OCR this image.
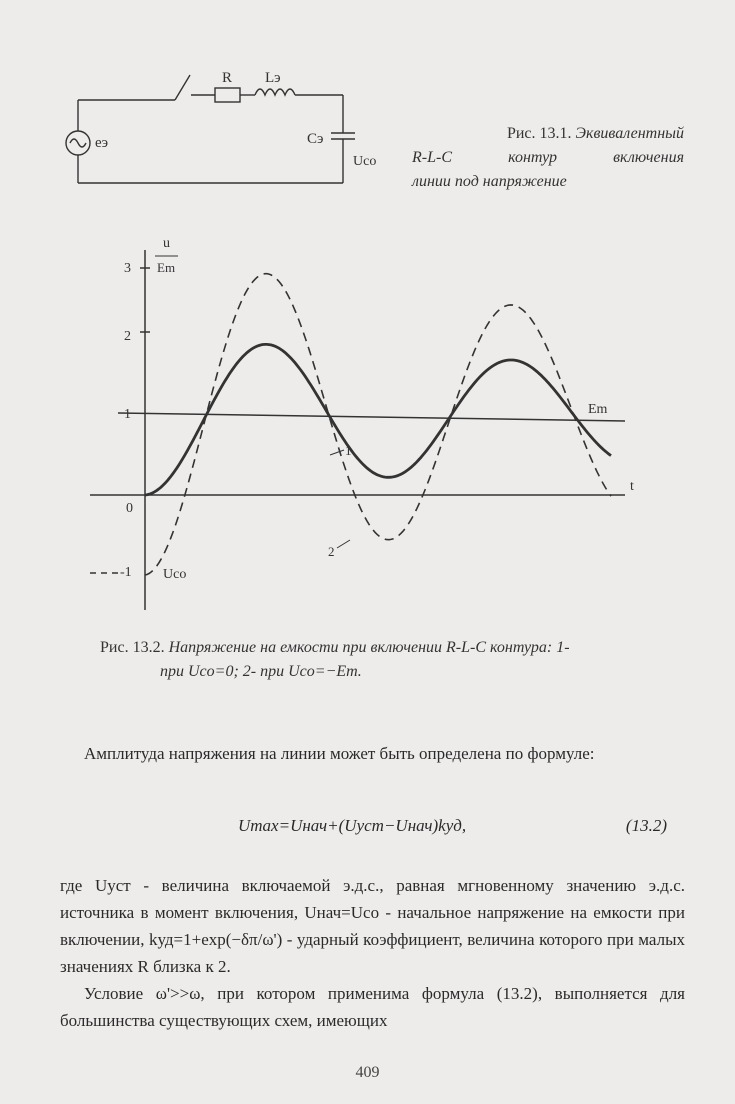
R Lэ
Cэ
Uco
eэ
Рис. 13.1. Эквивалентный
R-L-C контур включения
линии под напряжение
u
Em
3
2
1
0
-1
t
Em
Uco
1
2
Рис. 13.2. Напряжение на емкости при включении R-L-C контура: 1-
при Uco=0; 2- при Uco=−Em.
Амплитуда напряжения на линии может быть определена по формуле:
Umax=Uнач+(Uуст−Uнач)kуд,	(13.2)
где Uуст - величина включаемой э.д.с., равная мгновенному значению э.д.с. источника в момент включения, Uнач=Uco - начальное напряжение на емкости при включении, kуд=1+exp(−δπ/ω') - ударный коэффициент, величина которого при малых значениях R близка к 2.
Условие ω'>>ω, при котором применима формула (13.2), выполняется для большинства существующих схем, имеющих
409
